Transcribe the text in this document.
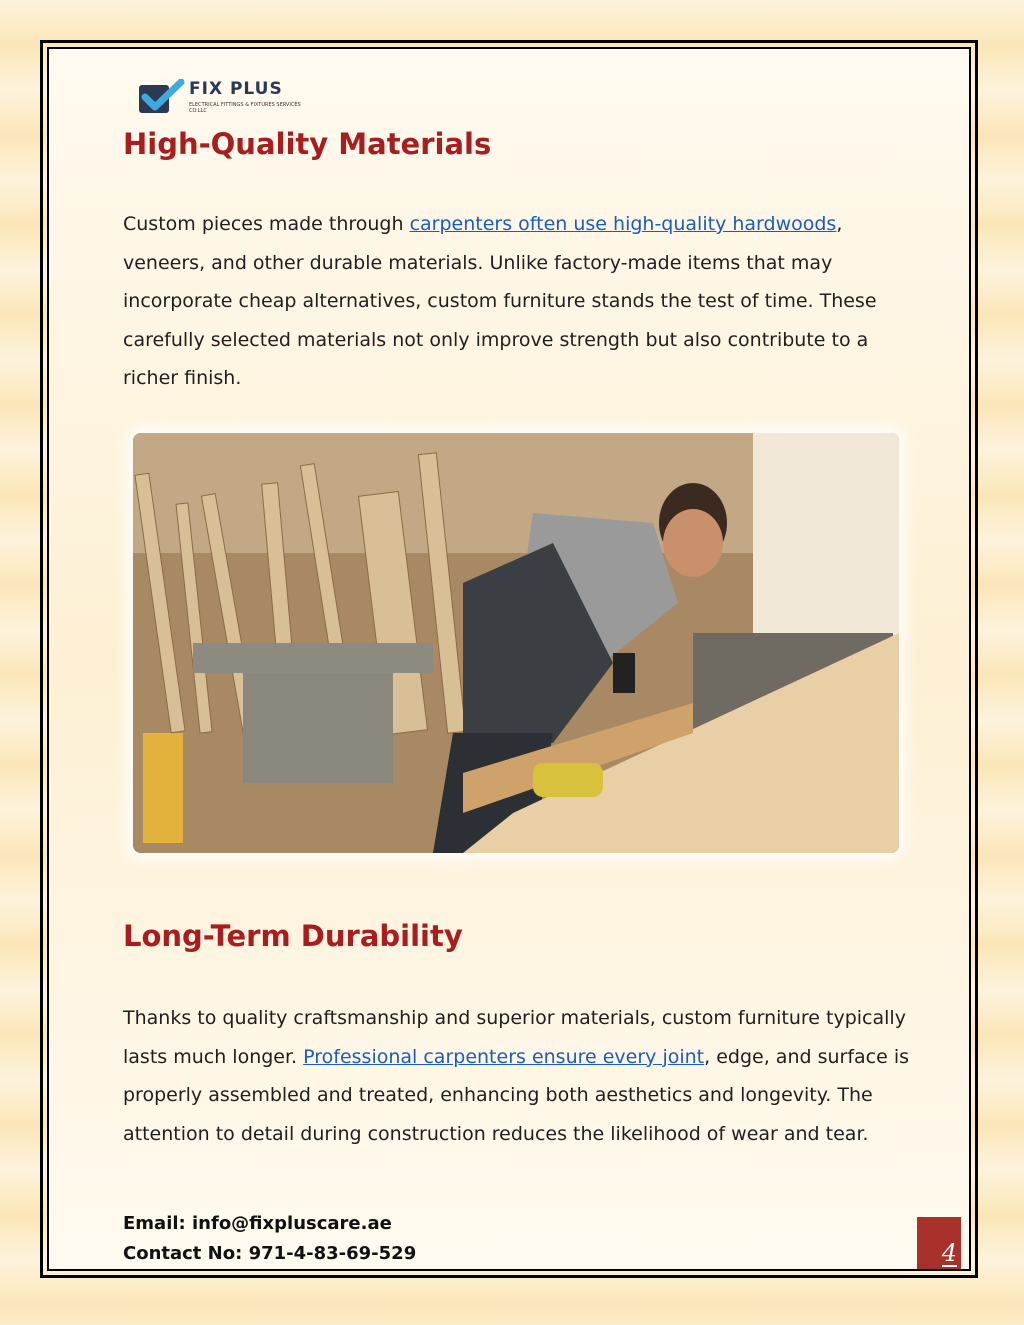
FIX PLUS
ELECTRICAL FITTINGS & FIXTURES SERVICES CO.LLC
High-Quality Materials

Custom pieces made through carpenters often use high-quality hardwoods, veneers, and other durable materials. Unlike factory-made items that may incorporate cheap alternatives, custom furniture stands the test of time. These carefully selected materials not only improve strength but also contribute to a richer finish.

Long-Term Durability

Thanks to quality craftsmanship and superior materials, custom furniture typically lasts much longer. Professional carpenters ensure every joint, edge, and surface is properly assembled and treated, enhancing both aesthetics and longevity. The attention to detail during construction reduces the likelihood of wear and tear.

Email: info@fixpluscare.ae
Contact No: 971-4-83-69-529	4
